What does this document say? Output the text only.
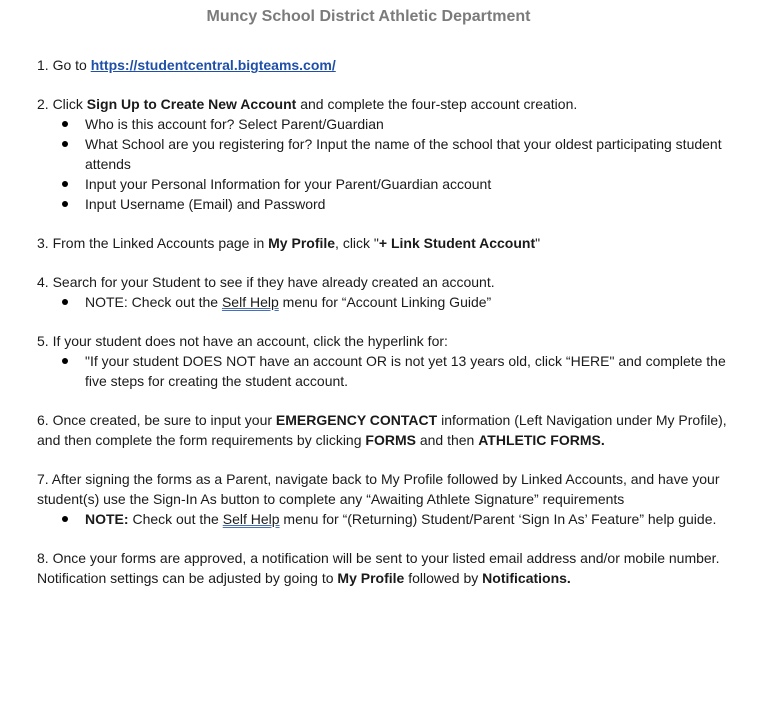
Muncy School District Athletic Department

1. Go to https://studentcentral.bigteams.com/

2. Click Sign Up to Create New Account and complete the four-step account creation.

Who is this account for? Select Parent/Guardian
What School are you registering for? Input the name of the school that your oldest participating student attends
Input your Personal Information for your Parent/Guardian account
Input Username (Email) and Password

3. From the Linked Accounts page in My Profile, click "+ Link Student Account"

4. Search for your Student to see if they have already created an account.

NOTE: Check out the Self Help menu for “Account Linking Guide”

5. If your student does not have an account, click the hyperlink for:

"If your student DOES NOT have an account OR is not yet 13 years old, click “HERE" and complete the five steps for creating the student account.

6. Once created, be sure to input your EMERGENCY CONTACT information (Left Navigation under My Profile), and then complete the form requirements by clicking FORMS and then ATHLETIC FORMS.

7. After signing the forms as a Parent, navigate back to My Profile followed by Linked Accounts, and have your student(s) use the Sign-In As button to complete any “Awaiting Athlete Signature” requirements

NOTE: Check out the Self Help menu for “(Returning) Student/Parent ‘Sign In As’ Feature” help guide.

8. Once your forms are approved, a notification will be sent to your listed email address and/or mobile number. Notification settings can be adjusted by going to My Profile followed by Notifications.
